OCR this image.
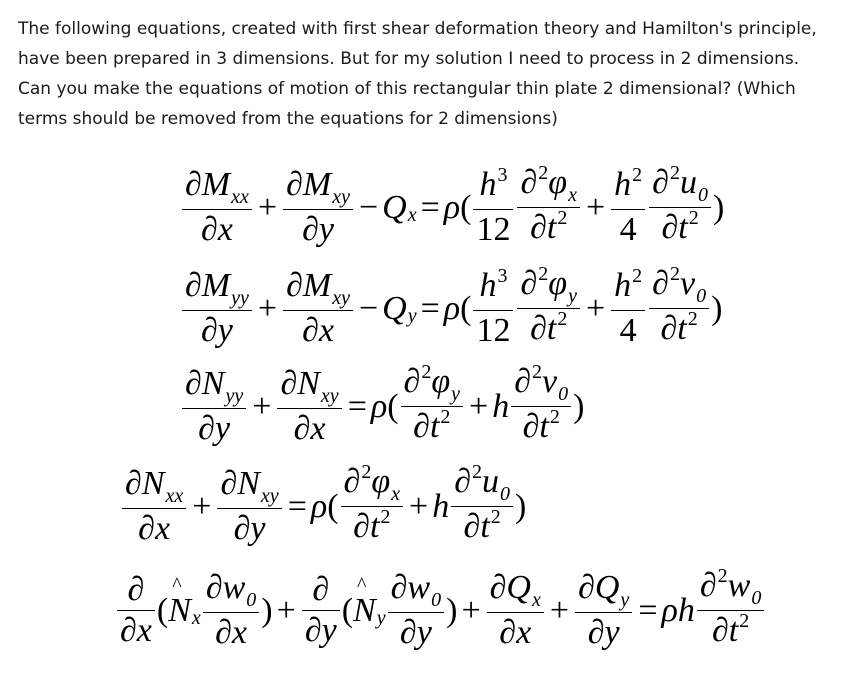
The following equations, created with first shear deformation theory and Hamilton's principle,
have been prepared in 3 dimensions. But for my solution I need to process in 2 dimensions.
Can you make the equations of motion of this rectangular thin plate 2 dimensional? (Which
terms should be removed from the equations for 2 dimensions)
$\frac{\partial M_{xx}}{\partial x} + \frac{\partial M_{xy}}{\partial y} - Q$ x = ρ ( $\frac{h^3}{12} \frac{\partial^2\varphi_x}{\partial t^2} + \frac{h^2}{4} \frac{\partial^2u_0}{\partial t^2}$ )
$\frac{\partial M_{yy}}{\partial y} + \frac{\partial M_{xy}}{\partial x} - Q$ y = ρ ( $\frac{h^3}{12} \frac{\partial^2\varphi_y}{\partial t^2} + \frac{h^2}{4} \frac{\partial^2v_0}{\partial t^2}$ )
$\frac{\partial N_{yy}}{\partial y} + \frac{\partial N_{xy}}{\partial x} = \rho$ ( $\frac{\partial^2\varphi_y}{\partial t^2} + h \frac{\partial^2v_0}{\partial t^2}$ )
$\frac{\partial N_{xx}}{\partial x} + \frac{\partial N_{xy}}{\partial y} = \rho$ ( $\frac{\partial^2\varphi_x}{\partial t^2} + h \frac{\partial^2u_0}{\partial t^2}$ )
$\frac{\partial}{\partial x}$ ( ^ N x $\frac{\partial w_0}{\partial x}$ ) + $\frac{\partial}{\partial y}$ ( ^ N y $\frac{\partial w_0}{\partial y}$ ) + $\frac{\partial Q_x}{\partial x} + \frac{\partial Q_y}{\partial y} = \rho h \frac{\partial^2w_0}{\partial t^2}$
